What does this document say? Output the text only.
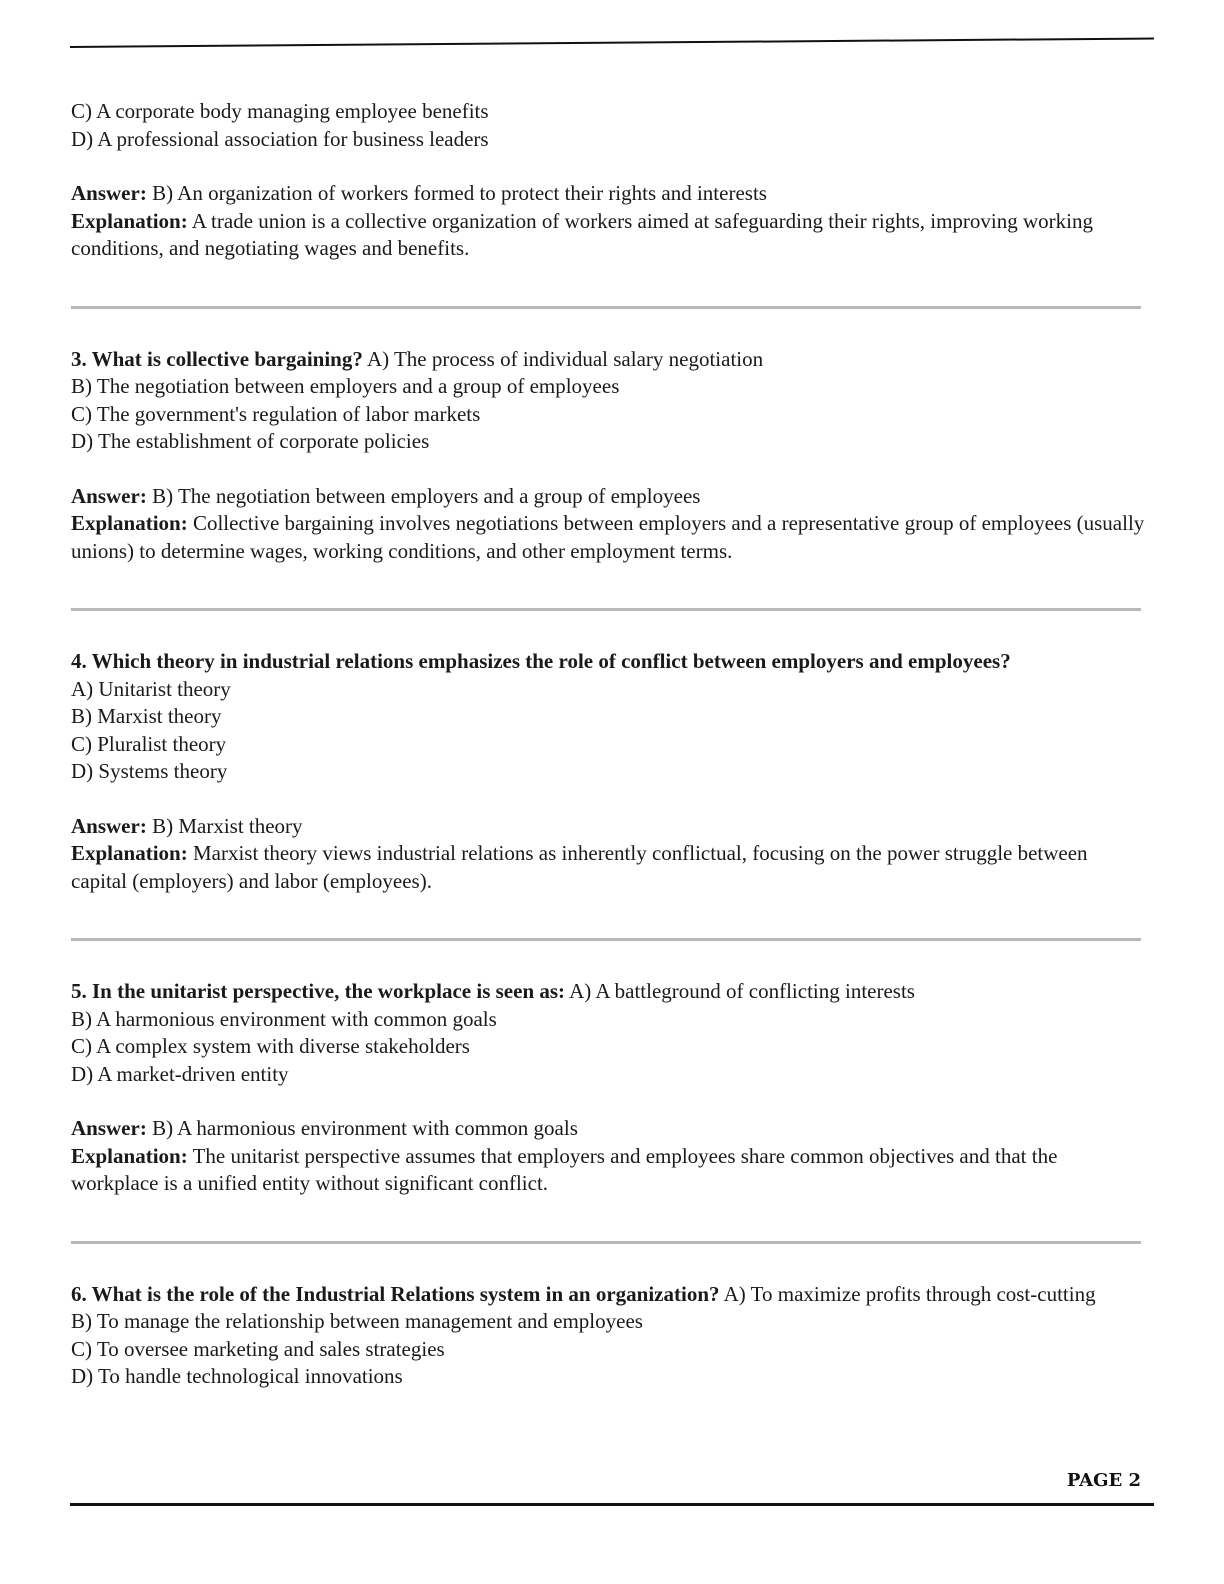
C) A corporate body managing employee benefits

D) A professional association for business leaders

Answer: B) An organization of workers formed to protect their rights and interests

Explanation: A trade union is a collective organization of workers aimed at safeguarding their rights, improving working conditions, and negotiating wages and benefits.

3. What is collective bargaining? A) The process of individual salary negotiation

B) The negotiation between employers and a group of employees

C) The government's regulation of labor markets

D) The establishment of corporate policies

Answer: B) The negotiation between employers and a group of employees

Explanation: Collective bargaining involves negotiations between employers and a representative group of employees (usually unions) to determine wages, working conditions, and other employment terms.

4. Which theory in industrial relations emphasizes the role of conflict between employers and employees?

A) Unitarist theory

B) Marxist theory

C) Pluralist theory

D) Systems theory

Answer: B) Marxist theory

Explanation: Marxist theory views industrial relations as inherently conflictual, focusing on the power struggle between capital (employers) and labor (employees).

5. In the unitarist perspective, the workplace is seen as: A) A battleground of conflicting interests

B) A harmonious environment with common goals

C) A complex system with diverse stakeholders

D) A market-driven entity

Answer: B) A harmonious environment with common goals

Explanation: The unitarist perspective assumes that employers and employees share common objectives and that the workplace is a unified entity without significant conflict.

6. What is the role of the Industrial Relations system in an organization? A) To maximize profits through cost-cutting

B) To manage the relationship between management and employees

C) To oversee marketing and sales strategies

D) To handle technological innovations

PAGE 2
